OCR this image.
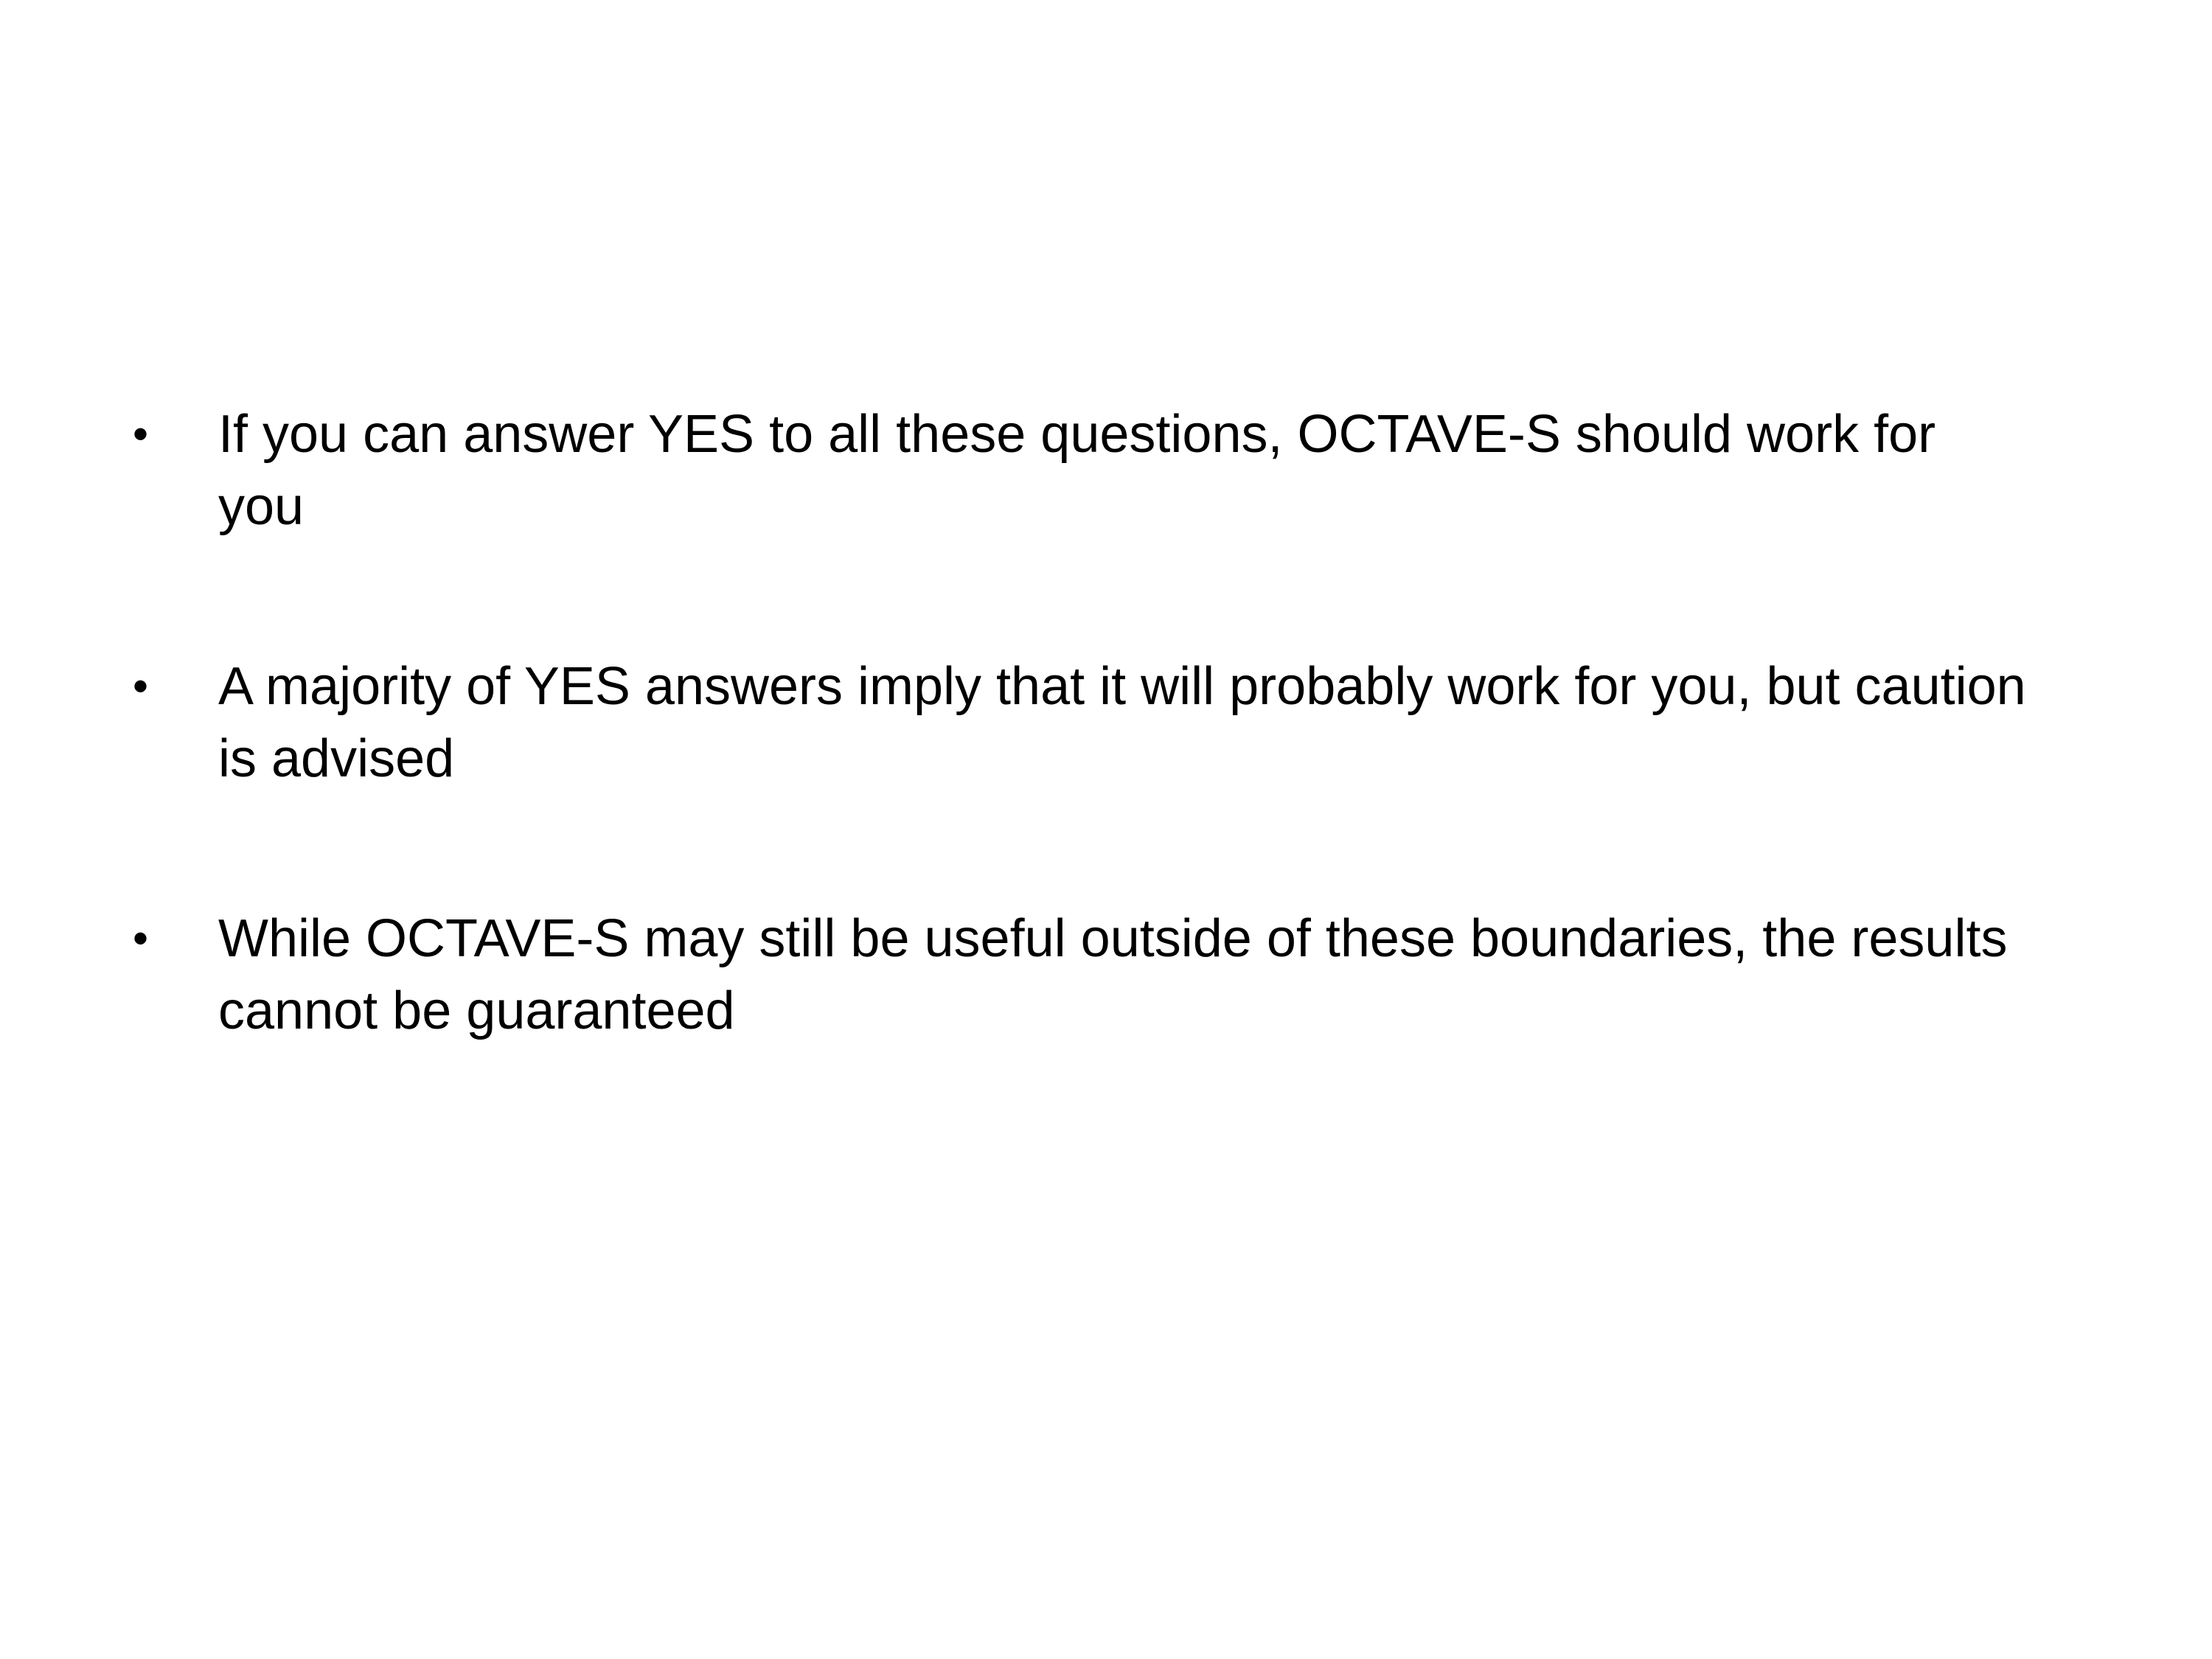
• If you can answer YES to all these questions, OCTAVE-S should work for you
• A majority of YES answers imply that it will probably work for you, but caution is advised
• While OCTAVE-S may still be useful outside of these boundaries, the results cannot be guaranteed
